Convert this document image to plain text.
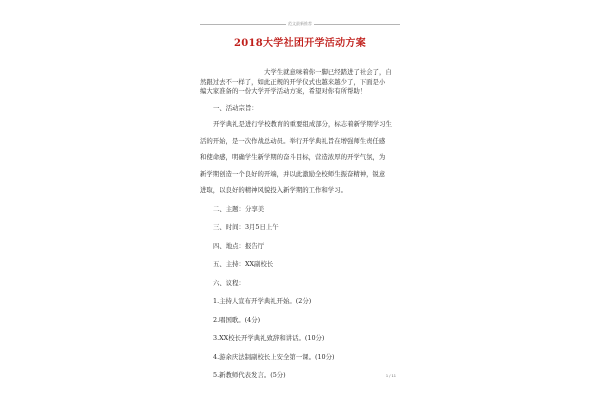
范文最新推荐
2018大学社团开学活动方案
大学生就意味着你一脚已经踏进了社会了，自
然跟过去不一样了，如此正规的开学仪式也越来越少了，下面是小
编大家准备的一份大学开学活动方案，希望对你有所帮助！
一、活动宗旨：
开学典礼是进行学校教育的重要组成部分，标志着新学期学习生
活的开始，是一次作战总动员。举行开学典礼旨在增强师生责任感
和使命感，明确学生新学期的奋斗目标，营造浓厚的开学气氛，为
新学期创造一个良好的开端，并以此激励全校师生振奋精神，锐意
进取，以良好的精神风貌投入新学期的工作和学习。
二、主题：分享美
三、时间：3月5日上午
四、地点：报告厅
五、主持：XX副校长
六、议程：
1.主持人宣布开学典礼开始。(2分)
2.唱国歌。(4分)
3.XX校长开学典礼致辞和讲话。(10分)
4.游余庆法制副校长上安全第一课。(10分)
5.新教师代表发言。(5分)	1 / 11
